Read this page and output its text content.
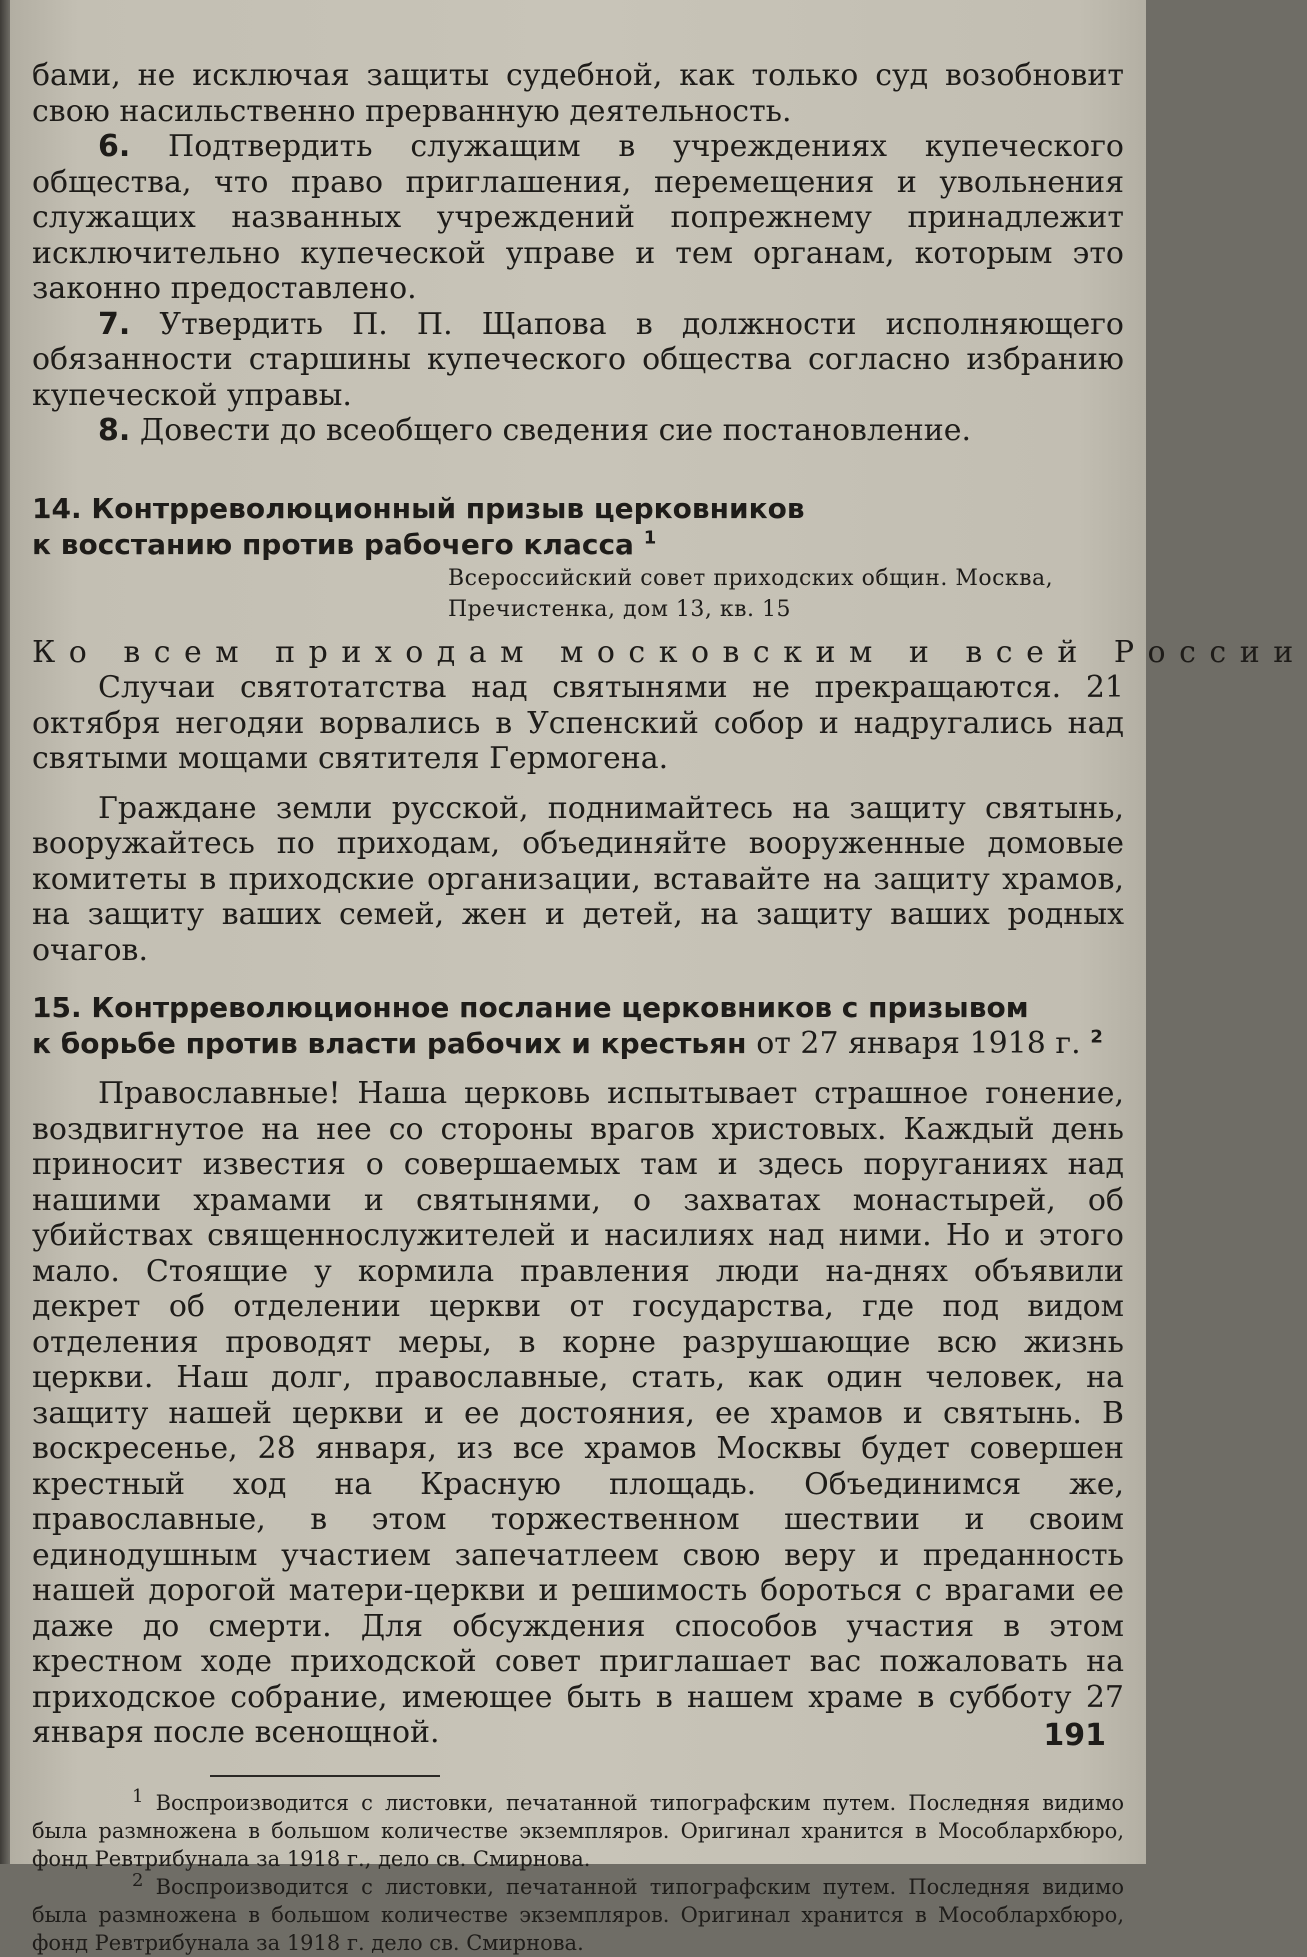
бами, не исключая защиты судебной, как только суд возобновит свою насильственно прерванную деятельность.

6. Подтвердить служащим в учреждениях купеческого общества, что право приглашения, перемещения и увольнения служащих названных учреждений попрежнему принадлежит исключительно купеческой управе и тем органам, которым это законно предоставлено.

7. Утвердить П. П. Щапова в должности исполняющего обязанности старшины купеческого общества согласно избранию купеческой управы.

8. Довести до всеобщего сведения сие постановление.

14. Контрреволюционный призыв церковников
к восстанию против рабочего класса $^1$
Всероссийский совет приходских общин. Москва,
Пречистенка, дом 13, кв. 15
Ко всем приходам московским и всей России

Случаи святотатства над святынями не прекращаются. 21 октября негодяи ворвались в Успенский собор и надругались над святыми мощами святителя Гермогена.

Граждане земли русской, поднимайтесь на защиту святынь, вооружайтесь по приходам, объединяйте вооруженные домовые комитеты в приходские организации, вставайте на защиту храмов, на защиту ваших семей, жен и детей, на защиту ваших родных очагов.

15. Контрреволюционное послание церковников с призывом
к борьбе против власти рабочих и крестьян от 27 января 1918 г. $^2$

Православные! Наша церковь испытывает страшное гонение, воздвигнутое на нее со стороны врагов христовых. Каждый день приносит известия о совершаемых там и здесь поруганиях над нашими храмами и святынями, о захватах монастырей, об убийствах священнослужителей и насилиях над ними. Но и этого мало. Стоящие у кормила правления люди на-днях объявили декрет об отделении церкви от государства, где под видом отделения проводят меры, в корне разрушающие всю жизнь церкви. Наш долг, православные, стать, как один человек, на защиту нашей церкви и ее достояния, ее храмов и святынь. В воскресенье, 28 января, из все храмов Москвы будет совершен крестный ход на Красную площадь. Объединимся же, православные, в этом торжественном шествии и своим единодушным участием запечатлеем свою веру и преданность нашей дорогой матери-церкви и решимость бороться с врагами ее даже до смерти. Для обсуждения способов участия в этом крестном ходе приходской совет приглашает вас пожаловать на приходское собрание, имеющее быть в нашем храме в субботу 27 января после всенощной.

$^1$ Воспроизводится с листовки, печатанной типографским путем. Последняя видимо была размножена в большом количестве экземпляров. Оригинал хранится в Мособлархбюро, фонд Ревтрибунала за 1918 г., дело св. Смирнова.

$^2$ Воспроизводится с листовки, печатанной типографским путем. Последняя видимо была размножена в большом количестве экземпляров. Оригинал хранится в Мособлархбюро, фонд Ревтрибунала за 1918 г. дело св. Смирнова.

191
